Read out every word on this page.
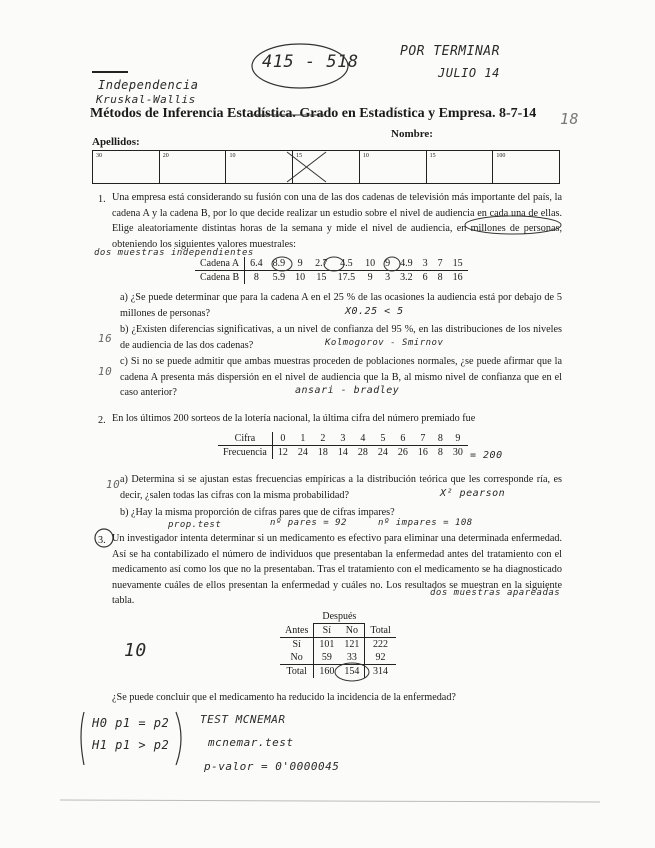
415 - 518
POR TERMINAR
JULIO 14
Independencia
Kruskal-Wallis
18
Métodos de Inferencia Estadística. Grado en Estadística y Empresa. 8-7-14
Apellidos:
Nombre:
30	20	10	15	10	15	100
1. Una empresa está considerando su fusión con una de las dos cadenas de televisión más importante del país, la cadena A y la cadena B, por lo que decide realizar un estudio sobre el nivel de audiencia en cada una de ellas. Elige aleatoriamente distintas horas de la semana y mide el nivel de audiencia, en millones de personas, obteniendo los siguientes valores muestrales:
dos muestras independientes
Cadena A	6.4	8.9	9	2.7	4.5	10	9	4.9	3	7	15
Cadena B	8	5.9	10	15	17.5	9	3	3.2	6	8	16
a) ¿Se puede determinar que para la cadena A en el 25 % de las ocasiones la audiencia está por debajo de 5 millones de personas?	X0.25 < 5
16
b) ¿Existen diferencias significativas, a un nivel de confianza del 95 %, en las distribuciones de los niveles de audiencia de las dos cadenas?	Kolmogorov - Smirnov
10
c) Si no se puede admitir que ambas muestras proceden de poblaciones normales, ¿se puede afirmar que la cadena A presenta más dispersión en el nivel de audiencia que la B, al mismo nivel de confianza que en el caso anterior?	ansari - bradley
2. En los últimos 200 sorteos de la lotería nacional, la última cifra del número premiado fue
Cifra	0	1	2	3	4	5	6	7	8	9
Frecuencia	12	24	18	14	28	24	26	16	8	30 = 200
10 a) Determina si se ajustan estas frecuencias empíricas a la distribución teórica que les corresponde ría, es decir, ¿salen todas las cifras con la misma probabilidad?	X² pearson
b) ¿Hay la misma proporción de cifras pares que de cifras impares?
prop.test	nº pares = 92	nº impares = 108
3. Un investigador intenta determinar si un medicamento es efectivo para eliminar una determinada enfermedad. Así se ha contabilizado el número de individuos que presentaban la enfermedad antes del tratamiento con el medicamento así como los que no la presentaban. Tras el tratamiento con el medicamento se ha diagnosticado nuevamente cuáles de ellos presentan la enfermedad y cuáles no. Los resultados se muestran en la siguiente tabla.
dos muestras apareadas
	Después		
Antes	Sí	No	Total
Sí	101	121	222
No	59	33	92
Total	160	154	314
10
¿Se puede concluir que el medicamento ha reducido la incidencia de la enfermedad?
H0 p1 = p2
H1 p1 > p2
TEST MCNEMAR
mcnemar.test
p-valor = 0'0000045
